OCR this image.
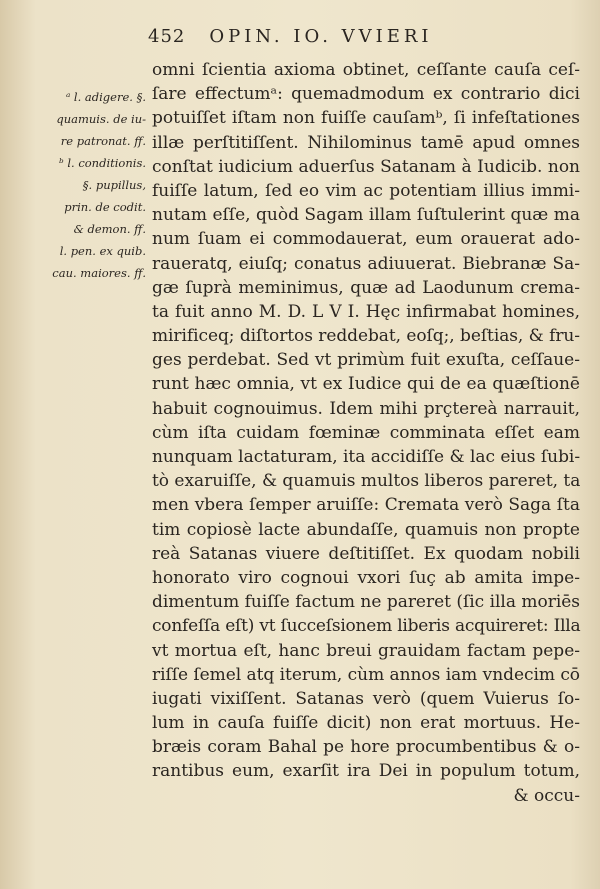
452 OPIN. IO. VVIERI
ᵃ l. adigere. §.
quamuis. de iu-
re patronat. ff.
ᵇ l. conditionis.
§. pupillus,
prin. de codit.
& demon. ff.
l. pen. ex quib.
cau. maiores. ff.
omni ſcientia axioma obtinet, ceſſante cauſa ceſ-
ſare effectumᵃ: quemadmodum ex contrario dici
potuiſſet iſtam non fuiſſe cauſamᵇ, ſi infeſtationes
illæ perſtitiſſent. Nihilominus tamē apud omnes
conſtat iudicium aduerſus Satanam à Iudicib. non
fuiſſe latum, ſed eo vim ac potentiam illius immi-
nutam eſſe, quòd Sagam illam ſuſtulerint quæ ma
num ſuam ei commodauerat, eum orauerat ado-
raueratq, eiuſq; conatus adiuuerat. Biebranæ Sa-
gæ ſuprà meminimus, quæ ad Laodunum crema-
ta fuit anno M. D. L V I. Hęc infirmabat homines,
mirificeq; diſtortos reddebat, eoſq;, beſtias, & fru-
ges perdebat. Sed vt primùm fuit exuſta, ceſſaue-
runt hæc omnia, vt ex Iudice qui de ea quæſtionē
habuit cognouimus. Idem mihi prçtereà narrauit,
cùm iſta cuidam fœminæ comminata eſſet eam
nunquam lactaturam, ita accidiſſe & lac eius ſubi-
tò exaruiſſe, & quamuis multos liberos pareret, ta
men vbera ſemper aruiſſe: Cremata verò Saga ſta
tim copiosè lacte abundaſſe, quamuis non propte
reà Satanas viuere deſtitiſſet. Ex quodam nobili
honorato viro cognoui vxori ſuç ab amita impe-
dimentum fuiſſe factum ne pareret (ſic illa moriēs
confeſſa eſt) vt ſucceſsionem liberis acquireret: Illa
vt mortua eſt, hanc breui grauidam factam pepe-
riſſe ſemel atq iterum, cùm annos iam vndecim cō
iugati vixiſſent. Satanas verò (quem Vuierus ſo-
lum in cauſa fuiſſe dicit) non erat mortuus. He-
bræis coram Bahal pe hore procumbentibus & o-
rantibus eum, exarſit ira Dei in populum totum,
& occu-
